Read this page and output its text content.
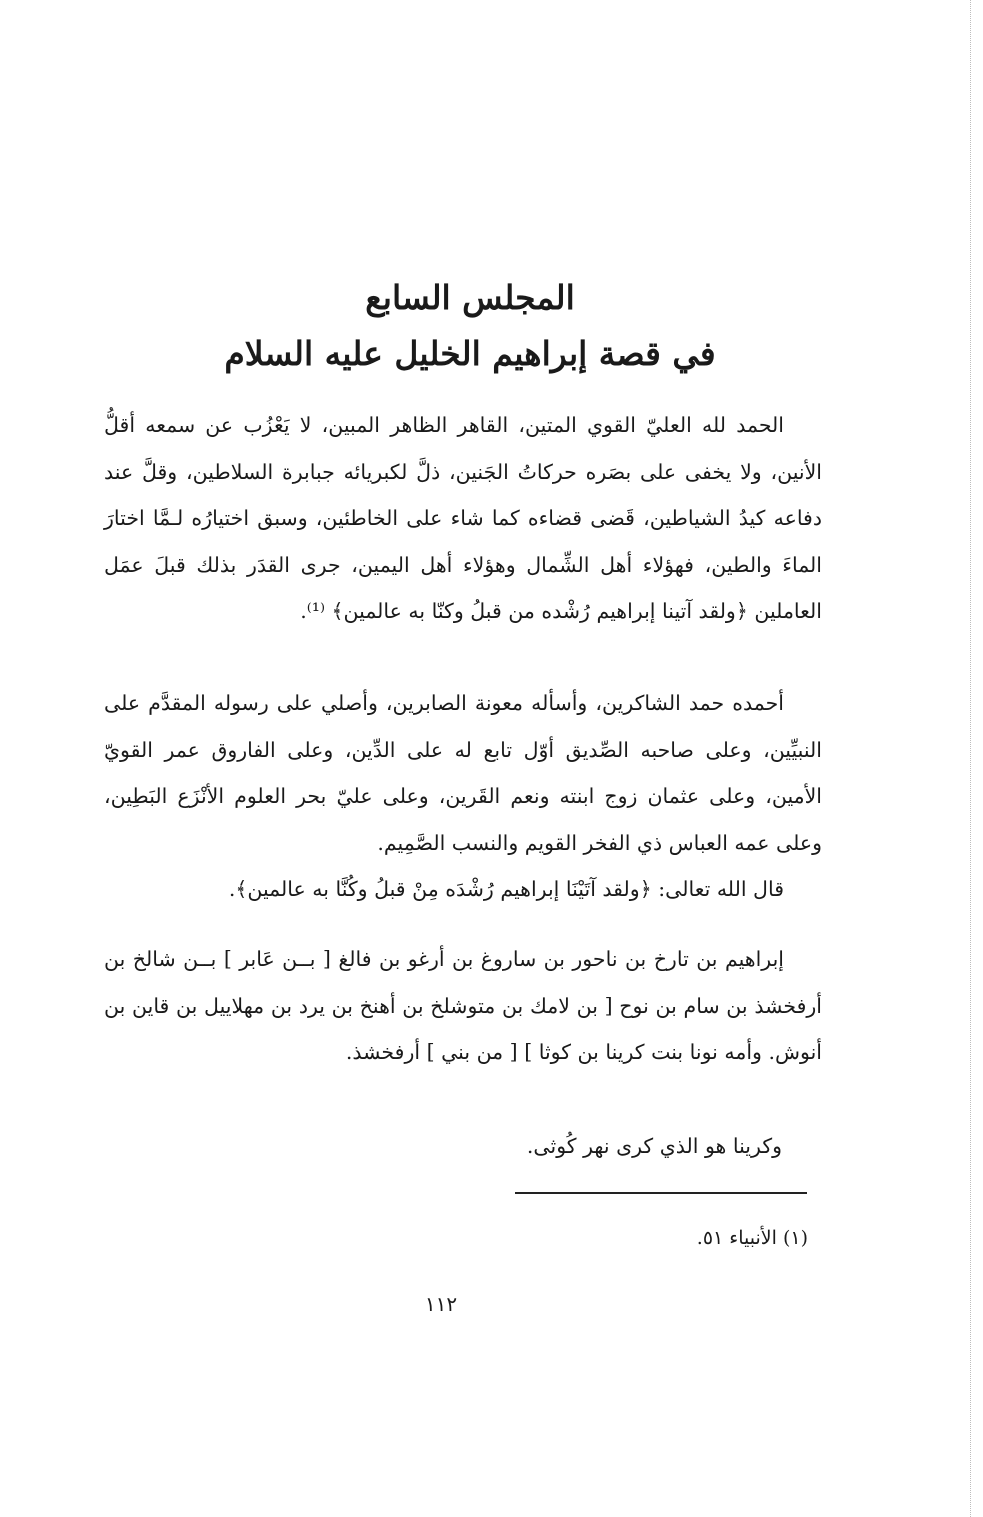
المجلس السابع
في قصة إبراهيم الخليل عليه السلام

الحمد لله العليّ القوي المتين، القاهر الظاهر المبين، لا يَعْزُب عن سمعه أقلُّ الأنين، ولا يخفى على بصَره حركاتُ الجَنين، ذلَّ لكبريائه جبابرة السلاطين، وقلَّ عند دفاعه كيدُ الشياطين، قَضى قضاءه كما شاء على الخاطئين، وسبق اختيارُه لـمَّا اختارَ الماءَ والطين، فهؤلاء أهل الشِّمال وهؤلاء أهل اليمين، جرى القدَر بذلك قبلَ عمَل العاملين ﴿ولقد آتينا إبراهيم رُشْده من قبلُ وكنّا به عالمين﴾ ⁽¹⁾.

أحمده حمد الشاكرين، وأسأله معونة الصابرين، وأصلي على رسوله المقدَّم على النبيِّين، وعلى صاحبه الصِّديق أوّل تابع له على الدِّين، وعلى الفاروق عمر القويّ الأمين، وعلى عثمان زوج ابنته ونعم القَرين، وعلى عليّ بحر العلوم الأنْزَع البَطِين، وعلى عمه العباس ذي الفخر القويم والنسب الصَّمِيم.

قال الله تعالى: ﴿ولقد آتَيْنَا إبراهيم رُشْدَه مِنْ قبلُ وكُنَّا به عالمين﴾.

إبراهيم بن تارخ بن ناحور بن ساروغ بن أرغو بن فالغ [ بــن عَابر ] بــن شالخ بن أرفخشذ بن سام بن نوح [ بن لامك بن متوشلخ بن أهنخ بن يرد بن مهلاييل بن قاين بن أنوش. وأمه نونا بنت كرينا بن كوثا ] [ من بني ] أرفخشذ.

وكرينا هو الذي كرى نهر كُوثى.

(١) الأنبياء ٥١.

١١٢
